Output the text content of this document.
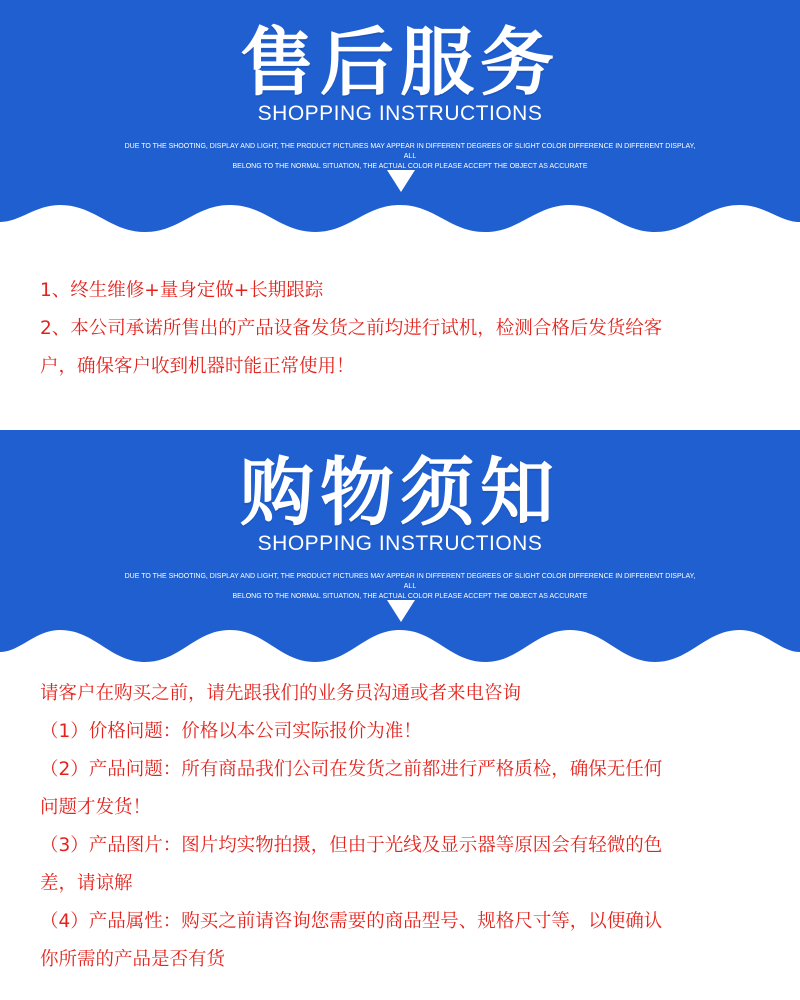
售后服务
SHOPPING INSTRUCTIONS
DUE TO THE SHOOTING, DISPLAY AND LIGHT, THE PRODUCT PICTURES MAY APPEAR IN DIFFERENT DEGREES OF SLIGHT COLOR DIFFERENCE IN DIFFERENT DISPLAY, ALL
BELONG TO THE NORMAL SITUATION, THE ACTUAL COLOR PLEASE ACCEPT THE OBJECT AS ACCURATE
1、终生维修+量身定做+长期跟踪
2、本公司承诺所售出的产品设备发货之前均进行试机，检测合格后发货给客
户，确保客户收到机器时能正常使用！
购物须知
SHOPPING INSTRUCTIONS
DUE TO THE SHOOTING, DISPLAY AND LIGHT, THE PRODUCT PICTURES MAY APPEAR IN DIFFERENT DEGREES OF SLIGHT COLOR DIFFERENCE IN DIFFERENT DISPLAY, ALL
BELONG TO THE NORMAL SITUATION, THE ACTUAL COLOR PLEASE ACCEPT THE OBJECT AS ACCURATE
请客户在购买之前，请先跟我们的业务员沟通或者来电咨询
（1）价格问题：价格以本公司实际报价为准！
（2）产品问题：所有商品我们公司在发货之前都进行严格质检，确保无任何
问题才发货！
（3）产品图片：图片均实物拍摄，但由于光线及显示器等原因会有轻微的色
差，请谅解
（4）产品属性：购买之前请咨询您需要的商品型号、规格尺寸等，以便确认
你所需的产品是否有货
